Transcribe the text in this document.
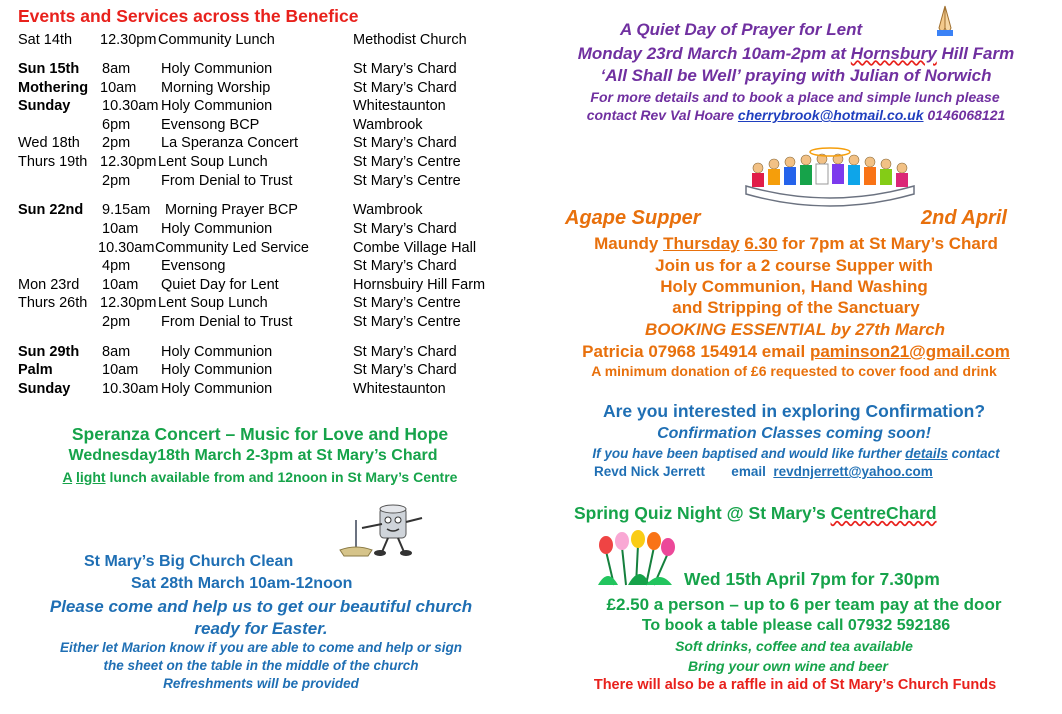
Events and Services across the Benefice
Sat 14th 12.30pm Community Lunch	Methodist Church
Sun 15th 8am Holy Communion	St Mary’s Chard
Mothering 10am Morning Worship	St Mary’s Chard
Sunday 10.30am Holy Communion	Whitestaunton
6pm Evensong BCP	Wambrook
Wed 18th 2pm La Speranza Concert	St Mary’s Chard
Thurs 19th 12.30pm Lent Soup Lunch	St Mary’s Centre
2pm From Denial to Trust	St Mary’s Centre
Sun 22nd 9.15am Morning Prayer BCP	Wambrook
10am Holy Communion	St Mary’s Chard
10.30am Community Led Service	Combe Village Hall
4pm Evensong	St Mary’s Chard
Mon 23rd 10am Quiet Day for Lent	Hornsbuiry Hill Farm
Thurs 26th 12.30pm Lent Soup Lunch	St Mary’s Centre
2pm From Denial to Trust	St Mary’s Centre
Sun 29th 8am Holy Communion	St Mary’s Chard
Palm	10am Holy Communion	St Mary’s Chard
Sunday 10.30am Holy Communion	Whitestaunton
Speranza Concert – Music for Love and Hope
Wednesday18th March 2-3pm at St Mary’s Chard
A light lunch available from and 12noon in St Mary’s Centre
St Mary’s Big Church Clean
Sat 28th March 10am-12noon
Please come and help us to get our beautiful church
ready for Easter.
Either let Marion know if you are able to come and help or sign
the sheet on the table in the middle of the church
Refreshments will be provided
A Quiet Day of Prayer for Lent
Monday 23rd March 10am-2pm at Hornsbury Hill Farm
‘All Shall be Well’ praying with Julian of Norwich
For more details and to book a place and simple lunch please
contact Rev Val Hoare cherrybrook@hotmail.co.uk 0146068121
Agape Supper	2nd April
Maundy Thursday 6.30 for 7pm at St Mary’s Chard
Join us for a 2 course Supper with
Holy Communion, Hand Washing
and Stripping of the Sanctuary
BOOKING ESSENTIAL by 27th March
Patricia 07968 154914 email paminson21@gmail.com
A minimum donation of £6 requested to cover food and drink
Are you interested in exploring Confirmation?
Confirmation Classes coming soon!
If you have been baptised and would like further details contact
Revd Nick Jerrett       email  revdnjerrett@yahoo.com
Spring Quiz Night @ St Mary’s CentreChard
Wed 15th April 7pm for 7.30pm
£2.50 a person – up to 6 per team pay at the door
To book a table please call 07932 592186
Soft drinks, coffee and tea available
Bring your own wine and beer
There will also be a raffle in aid of St Mary’s Church Funds
